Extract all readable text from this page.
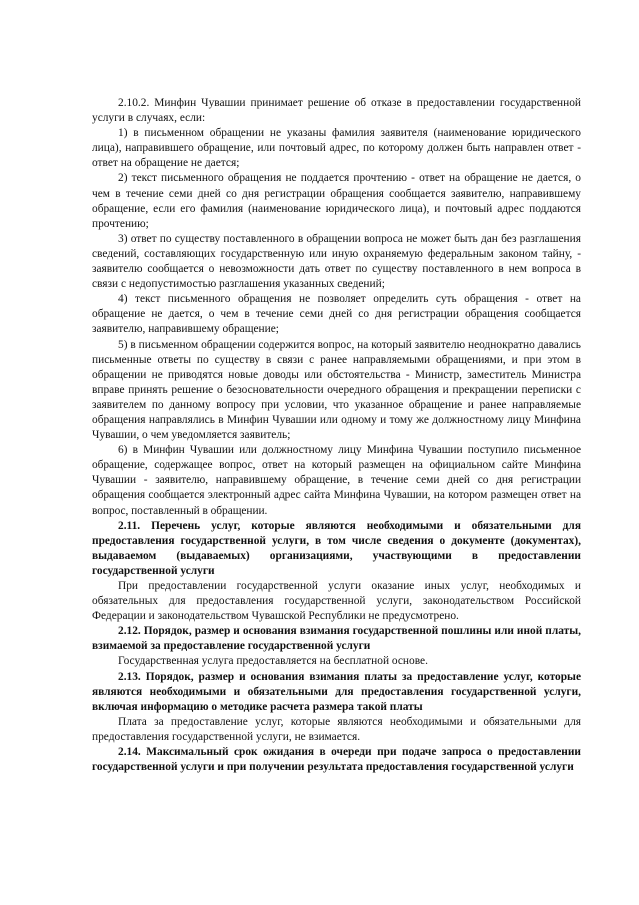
2.10.2. Минфин Чувашии принимает решение об отказе в предоставлении государственной услуги в случаях, если:

1) в письменном обращении не указаны фамилия заявителя (наименование юридического лица), направившего обращение, или почтовый адрес, по которому должен быть направлен ответ - ответ на обращение не дается;

2) текст письменного обращения не поддается прочтению - ответ на обращение не дается, о чем в течение семи дней со дня регистрации обращения сообщается заявителю, направившему обращение, если его фамилия (наименование юридического лица), и почтовый адрес поддаются прочтению;

3) ответ по существу поставленного в обращении вопроса не может быть дан без разглашения сведений, составляющих государственную или иную охраняемую федеральным законом тайну, - заявителю сообщается о невозможности дать ответ по существу поставленного в нем вопроса в связи с недопустимостью разглашения указанных сведений;

4) текст письменного обращения не позволяет определить суть обращения - ответ на обращение не дается, о чем в течение семи дней со дня регистрации обращения сообщается заявителю, направившему обращение;

5) в письменном обращении содержится вопрос, на который заявителю неоднократно давались письменные ответы по существу в связи с ранее направляемыми обращениями, и при этом в обращении не приводятся новые доводы или обстоятельства - Министр, заместитель Министра вправе принять решение о безосновательности очередного обращения и прекращении переписки с заявителем по данному вопросу при условии, что указанное обращение и ранее направляемые обращения направлялись в Минфин Чувашии или одному и тому же должностному лицу Минфина Чувашии, о чем уведомляется заявитель;

6) в Минфин Чувашии или должностному лицу Минфина Чувашии поступило письменное обращение, содержащее вопрос, ответ на который размещен на официальном сайте Минфина Чувашии - заявителю, направившему обращение, в течение семи дней со дня регистрации обращения сообщается электронный адрес сайта Минфина Чувашии, на котором размещен ответ на вопрос, поставленный в обращении.

2.11. Перечень услуг, которые являются необходимыми и обязательными для предоставления государственной услуги, в том числе сведения о документе (документах), выдаваемом (выдаваемых) организациями, участвующими в предоставлении государственной услуги

При предоставлении государственной услуги оказание иных услуг, необходимых и обязательных для предоставления государственной услуги, законодательством Российской Федерации и законодательством Чувашской Республики не предусмотрено.

2.12. Порядок, размер и основания взимания государственной пошлины или иной платы, взимаемой за предоставление государственной услуги

Государственная услуга предоставляется на бесплатной основе.

2.13. Порядок, размер и основания взимания платы за предоставление услуг, которые являются необходимыми и обязательными для предоставления государственной услуги, включая информацию о методике расчета размера такой платы

Плата за предоставление услуг, которые являются необходимыми и обязательными для предоставления государственной услуги, не взимается.

2.14. Максимальный срок ожидания в очереди при подаче запроса о предоставлении государственной услуги и при получении результата предоставления государственной услуги
